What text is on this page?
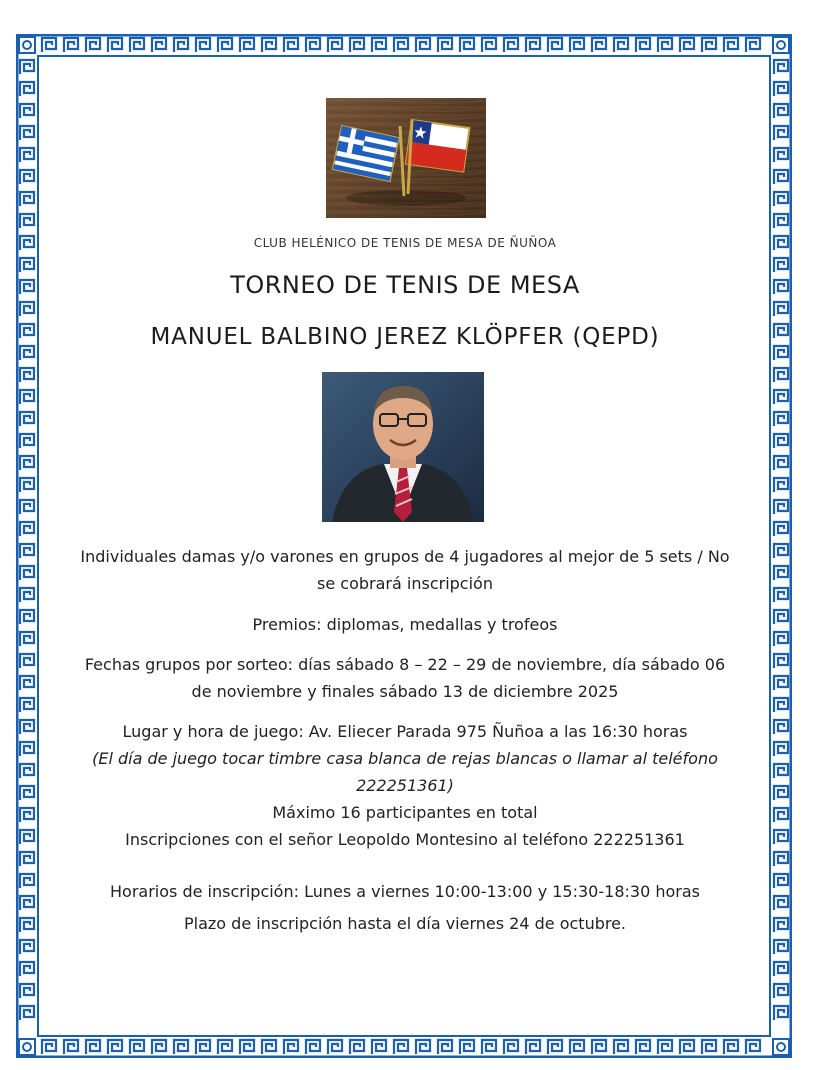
CLUB HELÉNICO DE TENIS DE MESA DE ÑUÑOA
TORNEO DE TENIS DE MESA
MANUEL BALBINO JEREZ KLÖPFER (QEPD)
Individuales damas y/o varones en grupos de 4 jugadores al mejor de 5 sets / No se cobrará inscripción
Premios: diplomas, medallas y trofeos
Fechas grupos por sorteo: días sábado 8 – 22 – 29 de noviembre, día sábado 06 de noviembre y finales sábado 13 de diciembre 2025
Lugar y hora de juego: Av. Eliecer Parada 975 Ñuñoa a las 16:30 horas
(El día de juego tocar timbre casa blanca de rejas blancas o llamar al teléfono 222251361)
Máximo 16 participantes en total
Inscripciones con el señor Leopoldo Montesino al teléfono 222251361
Horarios de inscripción: Lunes a viernes 10:00-13:00 y 15:30-18:30 horas
Plazo de inscripción hasta el día viernes 24 de octubre.
